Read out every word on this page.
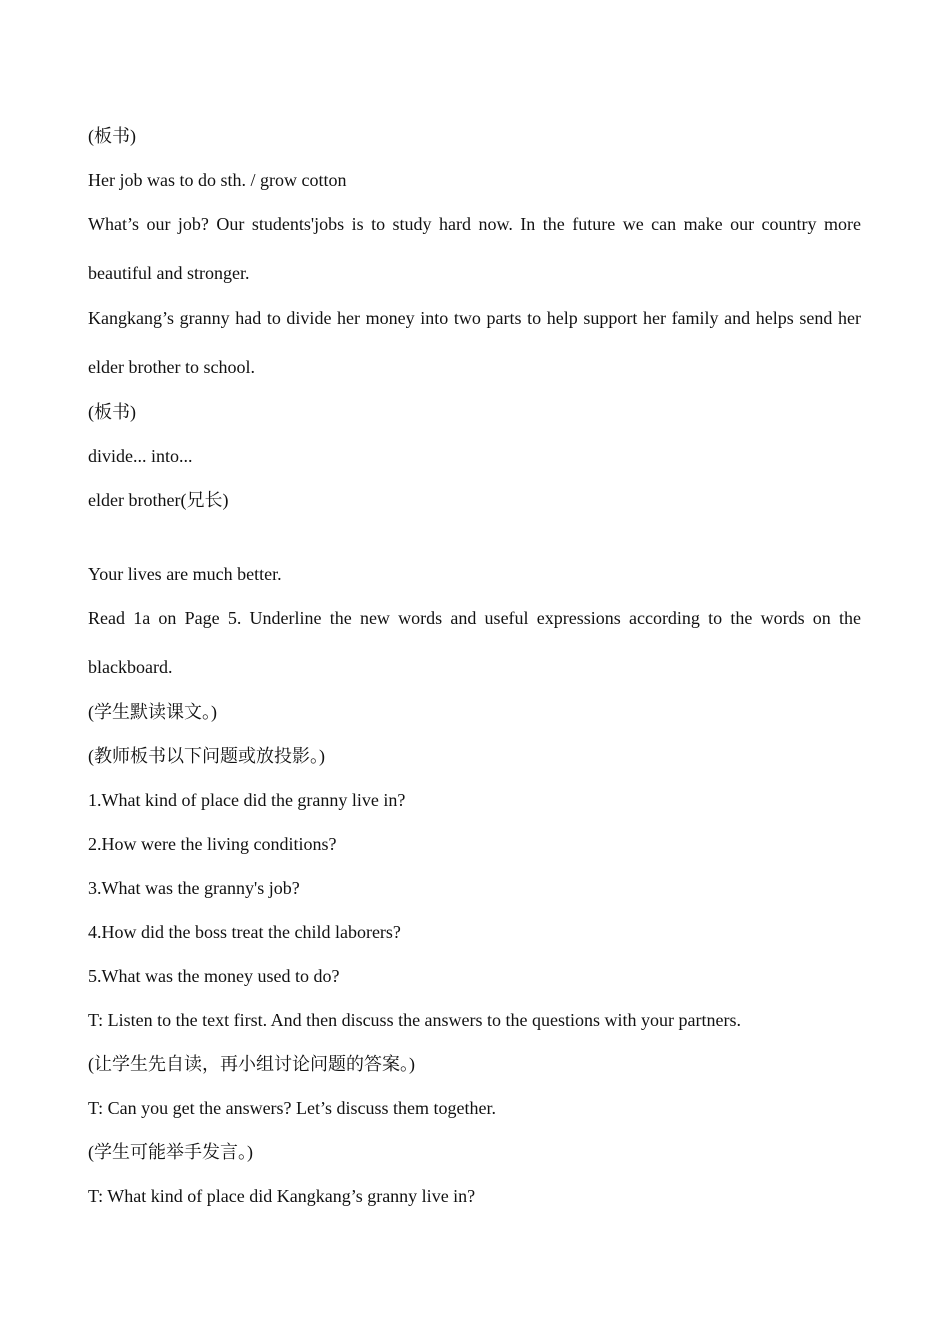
(板书)

Her job was to do sth. / grow cotton

What’s our job? Our students'jobs is to study hard now. In the future we can make our country more beautiful and stronger.

Kangkang’s granny had to divide her money into two parts to help support her family and helps send her elder brother to school.

(板书)

divide... into...

elder brother(兄长)

Your lives are much better.

Read 1a on Page 5. Underline the new words and useful expressions according to the words on the blackboard.

(学生默读课文。)

(教师板书以下问题或放投影。)

1.What kind of place did the granny live in?

2.How were the living conditions?

3.What was the granny's job?

4.How did the boss treat the child laborers?

5.What was the money used to do?

T: Listen to the text first. And then discuss the answers to the questions with your partners.

(让学生先自读，再小组讨论问题的答案。)

T: Can you get the answers? Let’s discuss them together.

(学生可能举手发言。)

T: What kind of place did Kangkang’s granny live in?
